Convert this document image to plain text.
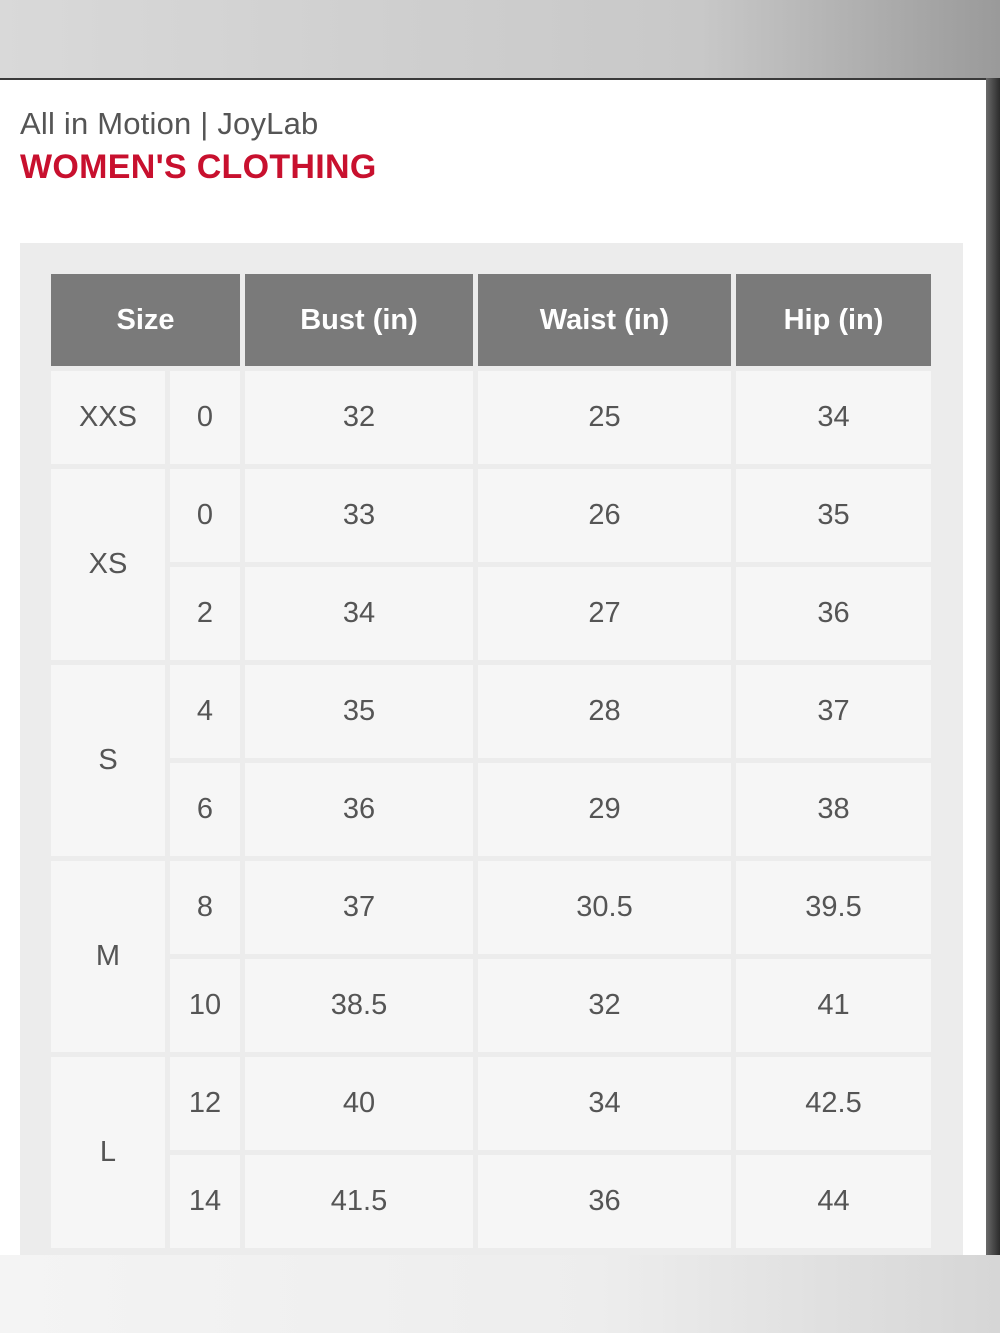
All in Motion | JoyLab
WOMEN'S CLOTHING
Size		Bust (in)	Waist (in)	Hip (in)
XXS	0	32	25	34
XS	0	33	26	35
	2	34	27	36
S	4	35	28	37
	6	36	29	38
M	8	37	30.5	39.5
	10	38.5	32	41
L	12	40	34	42.5
	14	41.5	36	44
